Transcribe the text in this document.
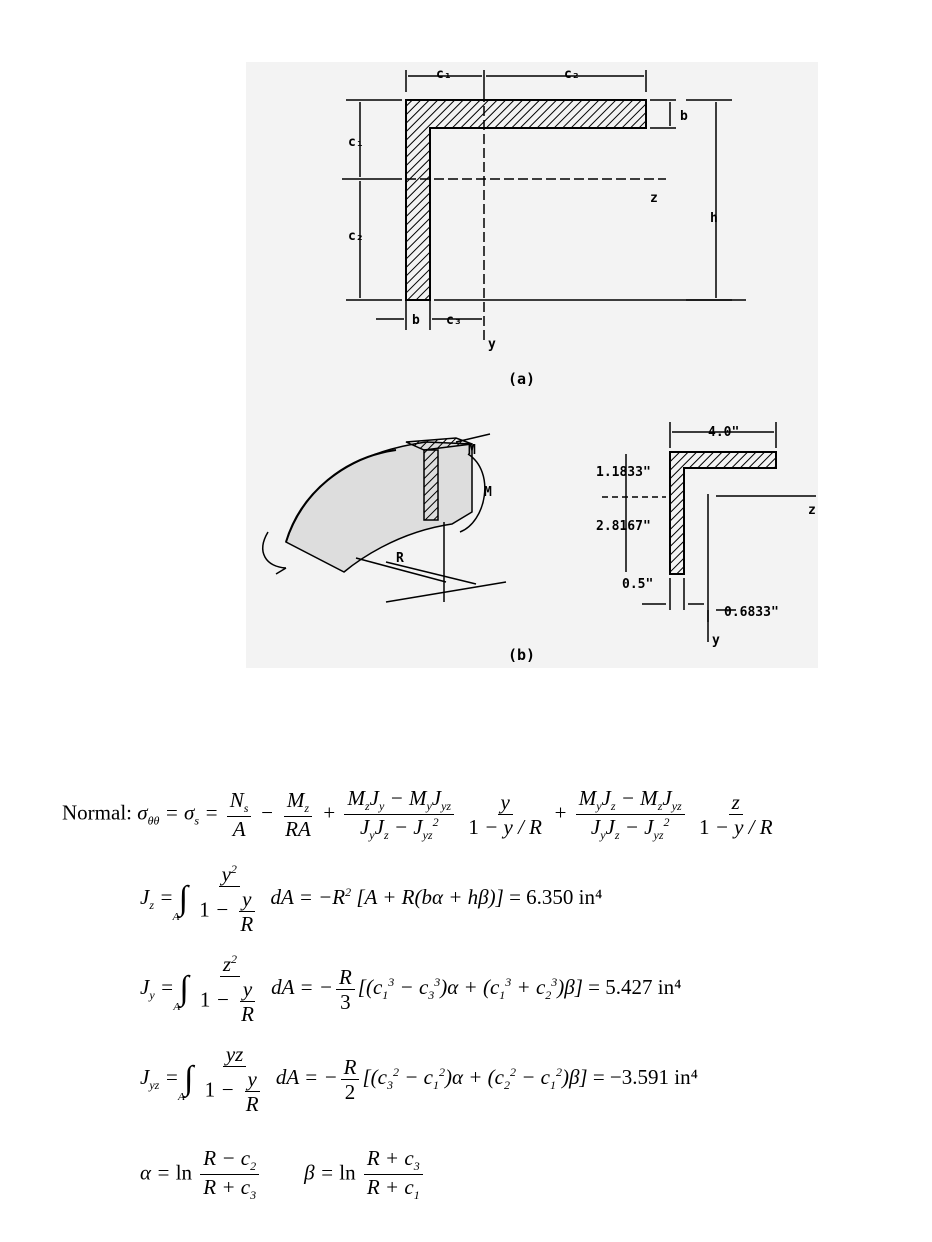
c₁	c₂
b
c₁
c₂
z
h
b c₃
y
(a)
M
M
R
4.0"
1.1833"
2.8167"
0.5"
0.6833"
z
y
(b)
Normal: $\sigma_{\theta\theta} = \sigma_s = \frac{N_s}{A} - \frac{M_z}{RA} + \frac{M_zJ_y - M_yJ_{yz}}{J_yJ_z - J_{yz}^2}$
$\frac{y}{1 - y / R} + \frac{M_yJ_z - M_zJ_{yz}}{J_yJ_z - J_{yz}^2}$
$\frac{z}{1 - y / R}$
$J_z$ = ∫
A
$\frac{y^2}{1 - \frac{y}{R}}$ dA = $-R^2$ [A + R(bα + hβ)] = 6.350 in⁴
$J_y$ = ∫
A
$\frac{z^2}{1 - \frac{y}{R}}$ dA = − $\frac{R}{3} [(c_1^3 - c_3^3)\alpha + (c_1^3 + c_2^3)\beta] = 5.427$ in⁴
$J_{yz}$ = ∫
A
$\frac{yz}{1 - \frac{y}{R}}$ dA = − $\frac{R}{2} [(c_3^2 - c_1^2)\alpha + (c_2^2 - c_1^2)\beta] = -3.591$ in⁴
$\alpha = \ln \frac{R - c_2}{R + c_3}$ $\beta = \ln \frac{R + c_3}{R + c_1}$
